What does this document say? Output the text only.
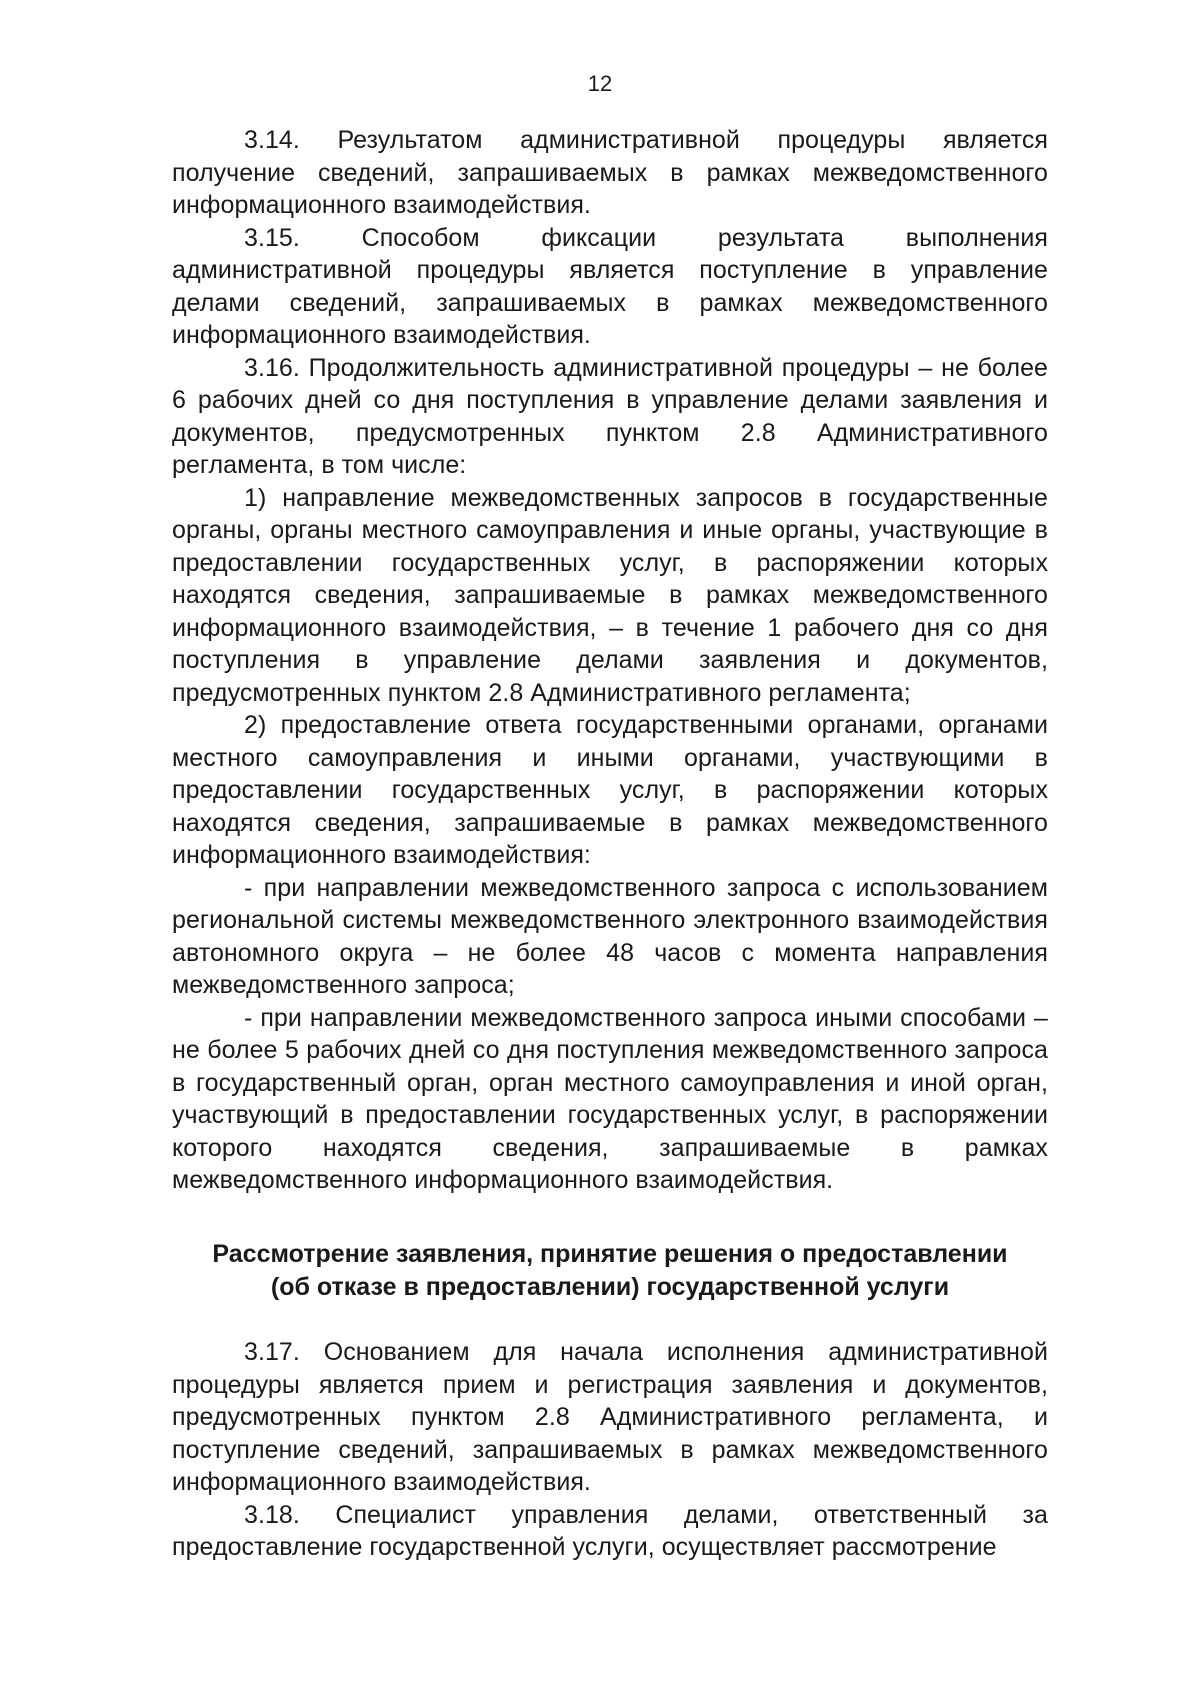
12

3.14. Результатом административной процедуры является получение сведений, запрашиваемых в рамках межведомственного информационного взаимодействия.

3.15. Способом фиксации результата выполнения административной процедуры является поступление в управление делами сведений, запрашиваемых в рамках межведомственного информационного взаимодействия.

3.16. Продолжительность административной процедуры – не более 6 рабочих дней со дня поступления в управление делами заявления и документов, предусмотренных пунктом 2.8 Административного регламента, в том числе:

1) направление межведомственных запросов в государственные органы, органы местного самоуправления и иные органы, участвующие в предоставлении государственных услуг, в распоряжении которых находятся сведения, запрашиваемые в рамках межведомственного информационного взаимодействия, – в течение 1 рабочего дня со дня поступления в управление делами заявления и документов, предусмотренных пунктом 2.8 Административного регламента;

2) предоставление ответа государственными органами, органами местного самоуправления и иными органами, участвующими в предоставлении государственных услуг, в распоряжении которых находятся сведения, запрашиваемые в рамках межведомственного информационного взаимодействия:

- при направлении межведомственного запроса с использованием региональной системы межведомственного электронного взаимодействия автономного округа – не более 48 часов с момента направления межведомственного запроса;

- при направлении межведомственного запроса иными способами – не более 5 рабочих дней со дня поступления межведомственного запроса в государственный орган, орган местного самоуправления и иной орган, участвующий в предоставлении государственных услуг, в распоряжении которого находятся сведения, запрашиваемые в рамках межведомственного информационного взаимодействия.

Рассмотрение заявления, принятие решения о предоставлении
(об отказе в предоставлении) государственной услуги

3.17. Основанием для начала исполнения административной процедуры является прием и регистрация заявления и документов, предусмотренных пунктом 2.8 Административного регламента, и поступление сведений, запрашиваемых в рамках межведомственного информационного взаимодействия.

3.18. Специалист управления делами, ответственный за предоставление государственной услуги, осуществляет рассмотрение
